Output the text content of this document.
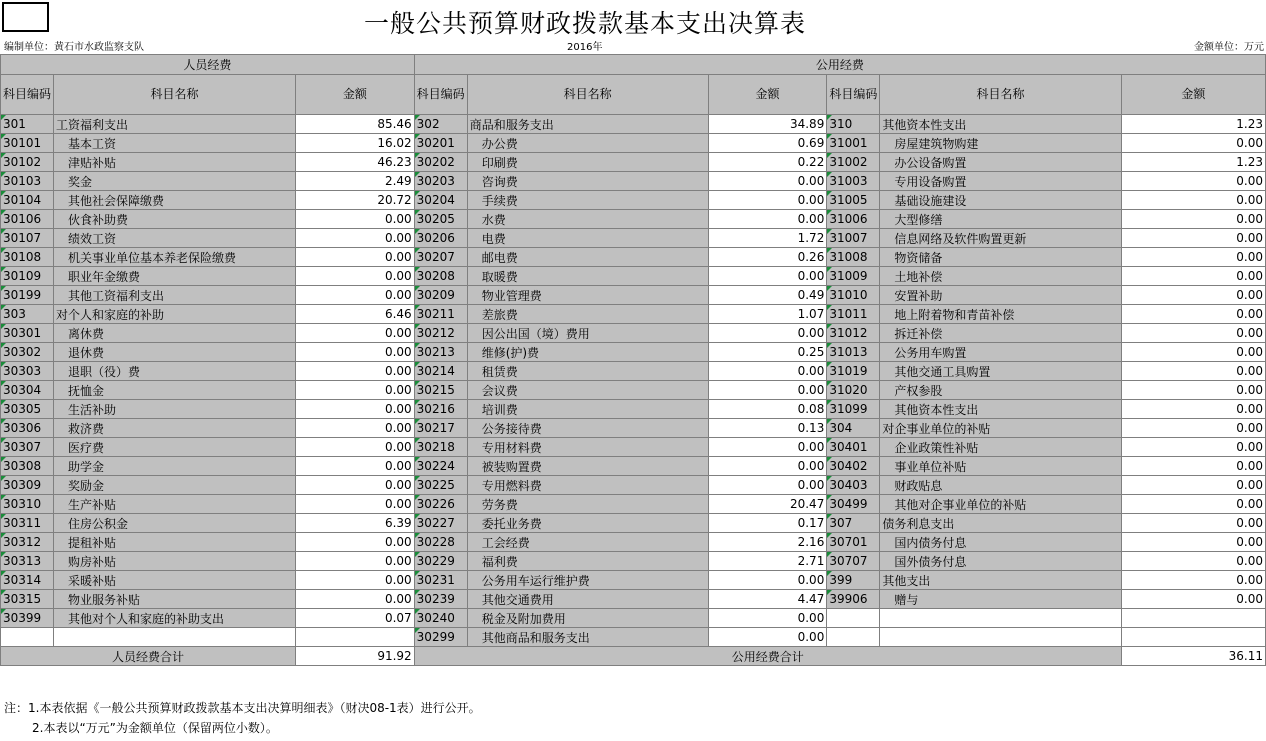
一般公共预算财政拨款基本支出决算表
编制单位：黄石市水政监察支队	2016年	金额单位：万元
人员经费			公用经费					
科目编码	科目名称	金额	科目编码	科目名称	金额	科目编码	科目名称	金额
301	工资福利支出	85.46	302	商品和服务支出	34.89	310	其他资本性支出	1.23
30101	基本工资	16.02	30201	办公费	0.69	31001	房屋建筑物购建	0.00
30102	津贴补贴	46.23	30202	印刷费	0.22	31002	办公设备购置	1.23
30103	奖金	2.49	30203	咨询费	0.00	31003	专用设备购置	0.00
30104	其他社会保障缴费	20.72	30204	手续费	0.00	31005	基础设施建设	0.00
30106	伙食补助费	0.00	30205	水费	0.00	31006	大型修缮	0.00
30107	绩效工资	0.00	30206	电费	1.72	31007	信息网络及软件购置更新	0.00
30108	机关事业单位基本养老保险缴费	0.00	30207	邮电费	0.26	31008	物资储备	0.00
30109	职业年金缴费	0.00	30208	取暖费	0.00	31009	土地补偿	0.00
30199	其他工资福利支出	0.00	30209	物业管理费	0.49	31010	安置补助	0.00
303	对个人和家庭的补助	6.46	30211	差旅费	1.07	31011	地上附着物和青苗补偿	0.00
30301	离休费	0.00	30212	因公出国（境）费用	0.00	31012	拆迁补偿	0.00
30302	退休费	0.00	30213	维修(护)费	0.25	31013	公务用车购置	0.00
30303	退职（役）费	0.00	30214	租赁费	0.00	31019	其他交通工具购置	0.00
30304	抚恤金	0.00	30215	会议费	0.00	31020	产权参股	0.00
30305	生活补助	0.00	30216	培训费	0.08	31099	其他资本性支出	0.00
30306	救济费	0.00	30217	公务接待费	0.13	304	对企事业单位的补贴	0.00
30307	医疗费	0.00	30218	专用材料费	0.00	30401	企业政策性补贴	0.00
30308	助学金	0.00	30224	被装购置费	0.00	30402	事业单位补贴	0.00
30309	奖励金	0.00	30225	专用燃料费	0.00	30403	财政贴息	0.00
30310	生产补贴	0.00	30226	劳务费	20.47	30499	其他对企事业单位的补贴	0.00
30311	住房公积金	6.39	30227	委托业务费	0.17	307	债务利息支出	0.00
30312	提租补贴	0.00	30228	工会经费	2.16	30701	国内债务付息	0.00
30313	购房补贴	0.00	30229	福利费	2.71	30707	国外债务付息	0.00
30314	采暖补贴	0.00	30231	公务用车运行维护费	0.00	399	其他支出	0.00
30315	物业服务补贴	0.00	30239	其他交通费用	4.47	39906	赠与	0.00
30399	其他对个人和家庭的补助支出	0.07	30240	税金及附加费用	0.00			
			30299	其他商品和服务支出	0.00			
人员经费合计		91.92	公用经费合计					36.11
注：1.本表依据《一般公共预算财政拨款基本支出决算明细表》（财决08-1表）进行公开。
2.本表以“万元”为金额单位（保留两位小数）。
